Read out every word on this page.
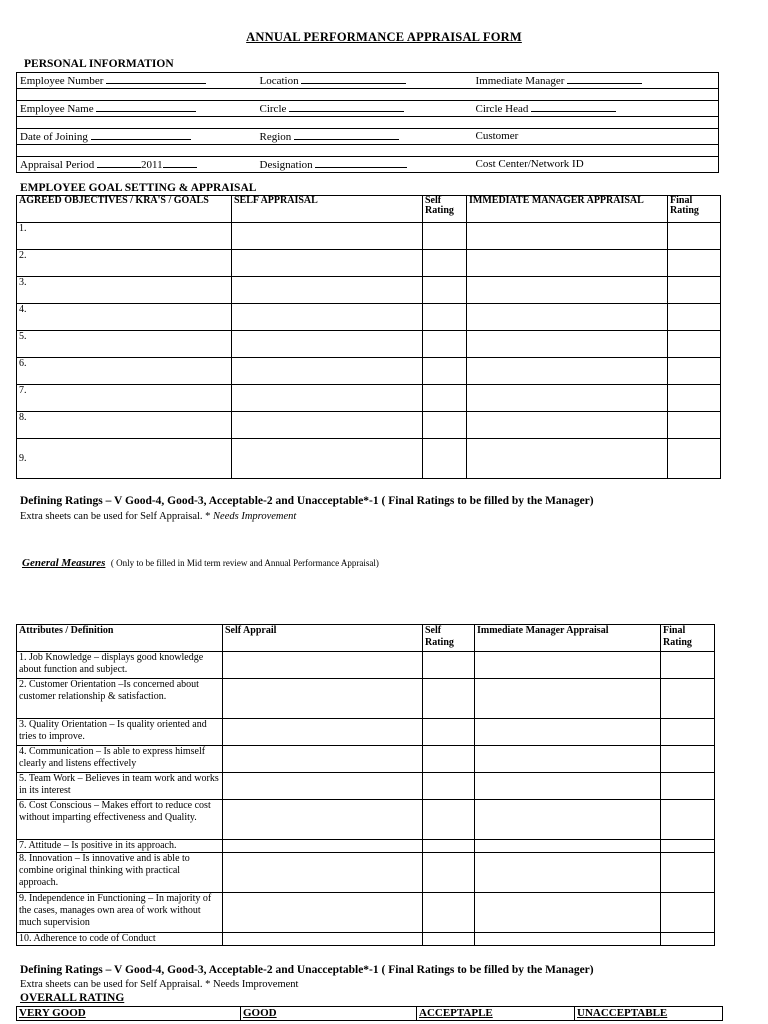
ANNUAL PERFORMANCE APPRAISAL FORM
PERSONAL INFORMATION
Employee Number	Location	Immediate Manager

Employee Name	Circle	Circle Head

Date of Joining	Region	Customer

Appraisal Period 2011	Designation	Cost Center/Network ID
EMPLOYEE GOAL SETTING & APPRAISAL
AGREED OBJECTIVES / KRA'S / GOALS	SELF APPRAISAL	Self Rating	IMMEDIATE MANAGER APPRAISAL	Final Rating
1.				
2.				
3.				
4.				
5.				
6.				
7.				
8.				
9.				
Defining Ratings – V Good-4, Good-3, Acceptable-2 and Unacceptable*-1 ( Final Ratings to be filled by the Manager)
Extra sheets can be used for Self Appraisal. * Needs Improvement
General Measures ( Only to be filled in Mid term review and Annual Performance Appraisal)
Attributes / Definition	Self Apprail	Self Rating	Immediate Manager Appraisal	Final Rating
1. Job Knowledge – displays good knowledge about function and subject.				
2. Customer Orientation –Is concerned about customer relationship & satisfaction.				
3. Quality Orientation – Is quality oriented and tries to improve.				
4. Communication – Is able to express himself clearly and listens effectively				
5. Team Work – Believes in team work and works in its interest				
6. Cost Conscious – Makes effort to reduce cost without imparting effectiveness and Quality.				
7. Attitude – Is positive in its approach.				
8. Innovation – Is innovative and is able to combine original thinking with practical approach.				
9. Independence in Functioning – In majority of the cases, manages own area of work without much supervision				
10. Adherence to code of Conduct				
Defining Ratings – V Good-4, Good-3, Acceptable-2 and Unacceptable*-1 ( Final Ratings to be filled by the Manager)
Extra sheets can be used for Self Appraisal. * Needs Improvement
OVERALL RATING
VERY GOOD	GOOD	ACCEPTAPLE	UNACCEPTABLE
